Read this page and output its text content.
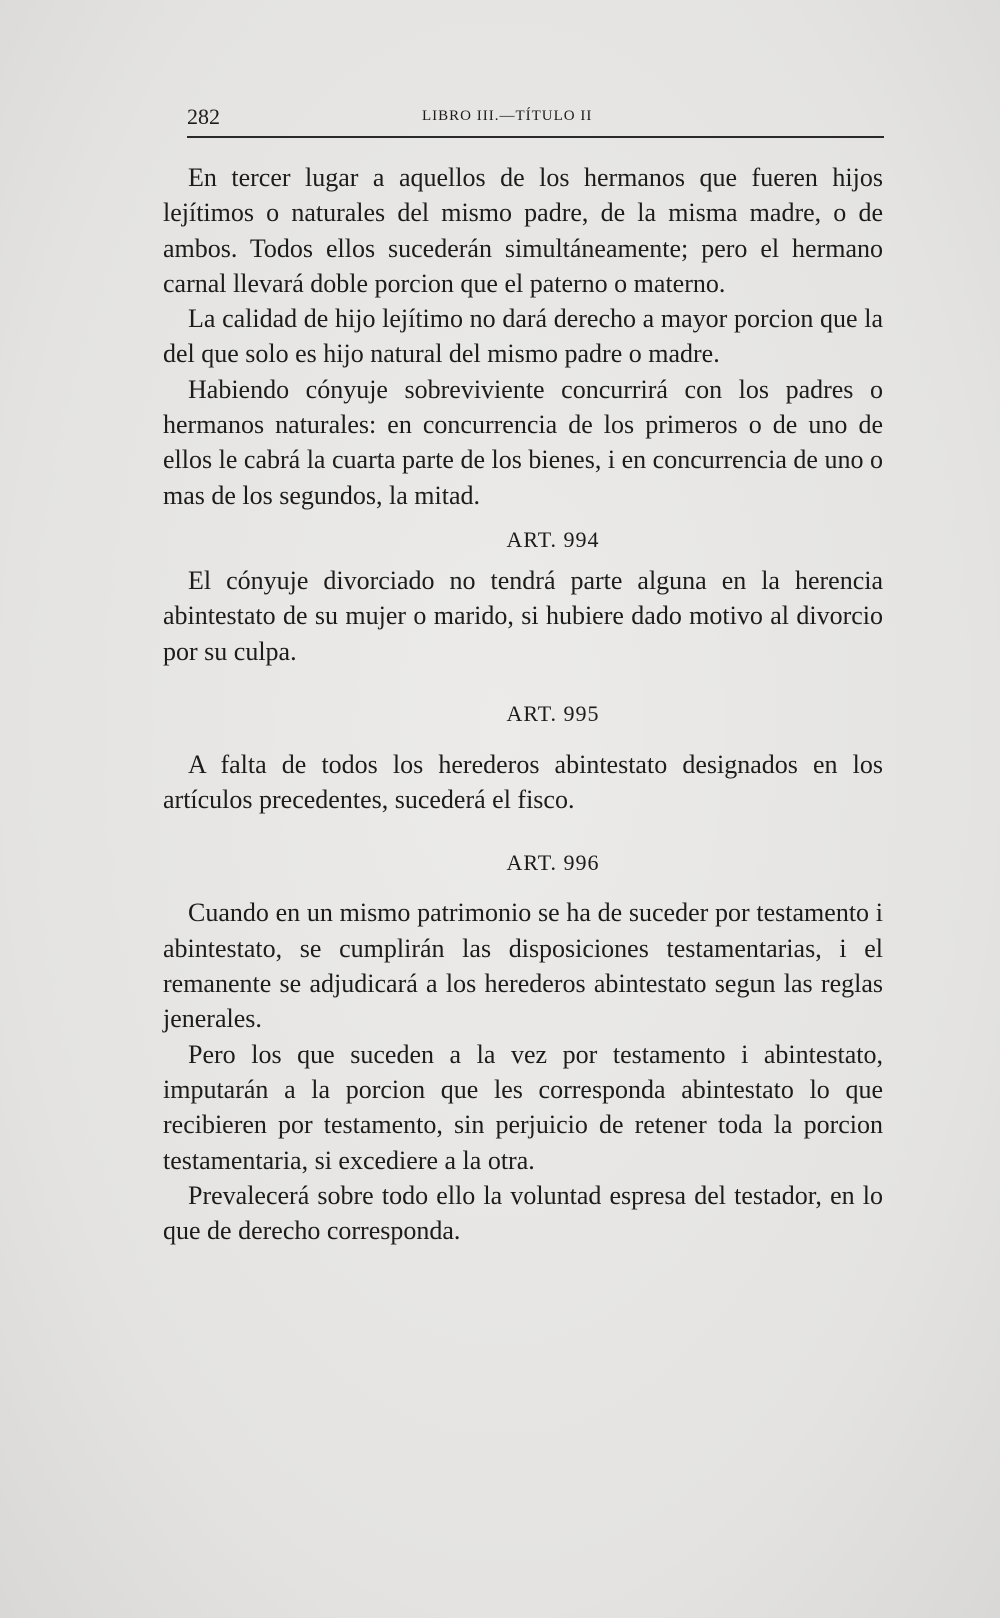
282	LIBRO III.—TÍTULO II

En tercer lugar a aquellos de los hermanos que fueren hijos lejítimos o naturales del mismo padre, de la misma madre, o de ambos. Todos ellos sucederán simultáneamente; pero el hermano carnal llevará doble porcion que el paterno o materno.

La calidad de hijo lejítimo no dará derecho a mayor porcion que la del que solo es hijo natural del mismo padre o madre.

Habiendo cónyuje sobreviviente concurrirá con los padres o hermanos naturales: en concurrencia de los primeros o de uno de ellos le cabrá la cuarta parte de los bienes, i en concurrencia de uno o mas de los segundos, la mitad.

ART. 994

El cónyuje divorciado no tendrá parte alguna en la herencia abintestato de su mujer o marido, si hubiere dado motivo al divorcio por su culpa.

ART. 995

A falta de todos los herederos abintestato designados en los artículos precedentes, sucederá el fisco.

ART. 996

Cuando en un mismo patrimonio se ha de suceder por testamento i abintestato, se cumplirán las disposiciones testamentarias, i el remanente se adjudicará a los herederos abintestato segun las reglas jenerales.

Pero los que suceden a la vez por testamento i abintestato, imputarán a la porcion que les corresponda abintestato lo que recibieren por testamento, sin perjuicio de retener toda la porcion testamentaria, si excediere a la otra.

Prevalecerá sobre todo ello la voluntad espresa del testador, en lo que de derecho corresponda.
